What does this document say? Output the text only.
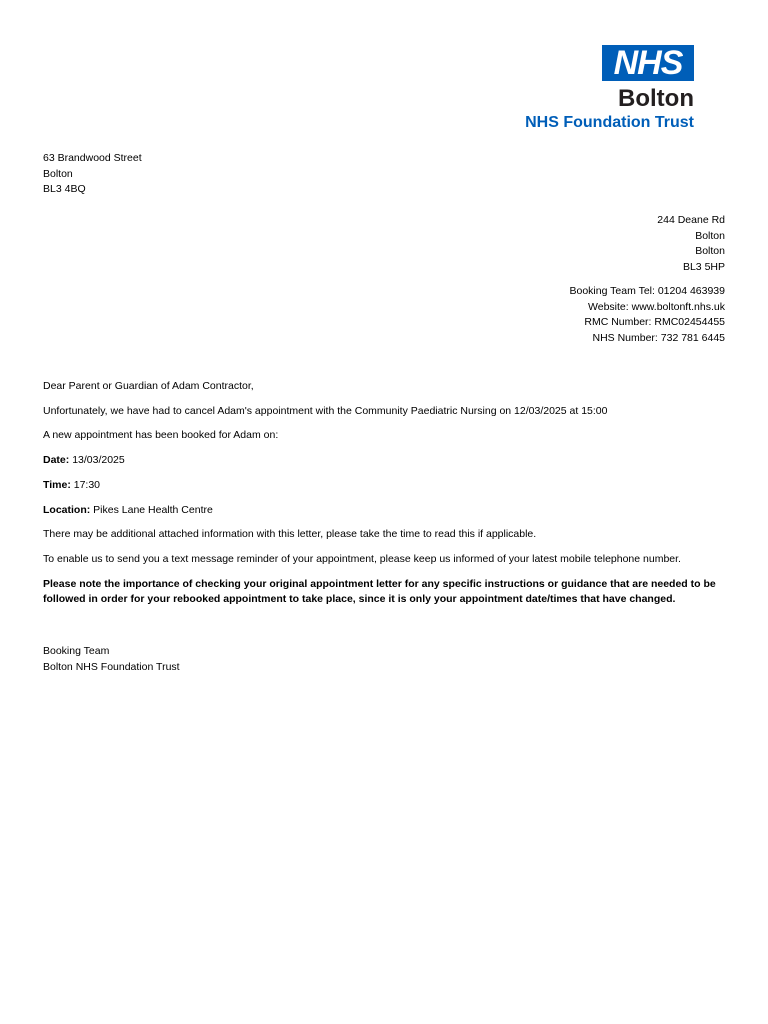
NHS
Bolton
NHS Foundation Trust
63 Brandwood Street
Bolton
BL3 4BQ
244 Deane Rd
Bolton
Bolton
BL3 5HP
Booking Team Tel: 01204 463939
Website: www.boltonft.nhs.uk
RMC Number: RMC02454455
NHS Number: 732 781 6445

Dear Parent or Guardian of Adam Contractor,

Unfortunately, we have had to cancel Adam's appointment with the Community Paediatric Nursing on 12/03/2025 at 15:00

A new appointment has been booked for Adam on:

Date: 13/03/2025

Time: 17:30

Location: Pikes Lane Health Centre

There may be additional attached information with this letter, please take the time to read this if applicable.

To enable us to send you a text message reminder of your appointment, please keep us informed of your latest mobile telephone number.

Please note the importance of checking your original appointment letter for any specific instructions or guidance that are needed to be followed in order for your rebooked appointment to take place, since it is only your appointment date/times that have changed.

Booking Team
Bolton NHS Foundation Trust
